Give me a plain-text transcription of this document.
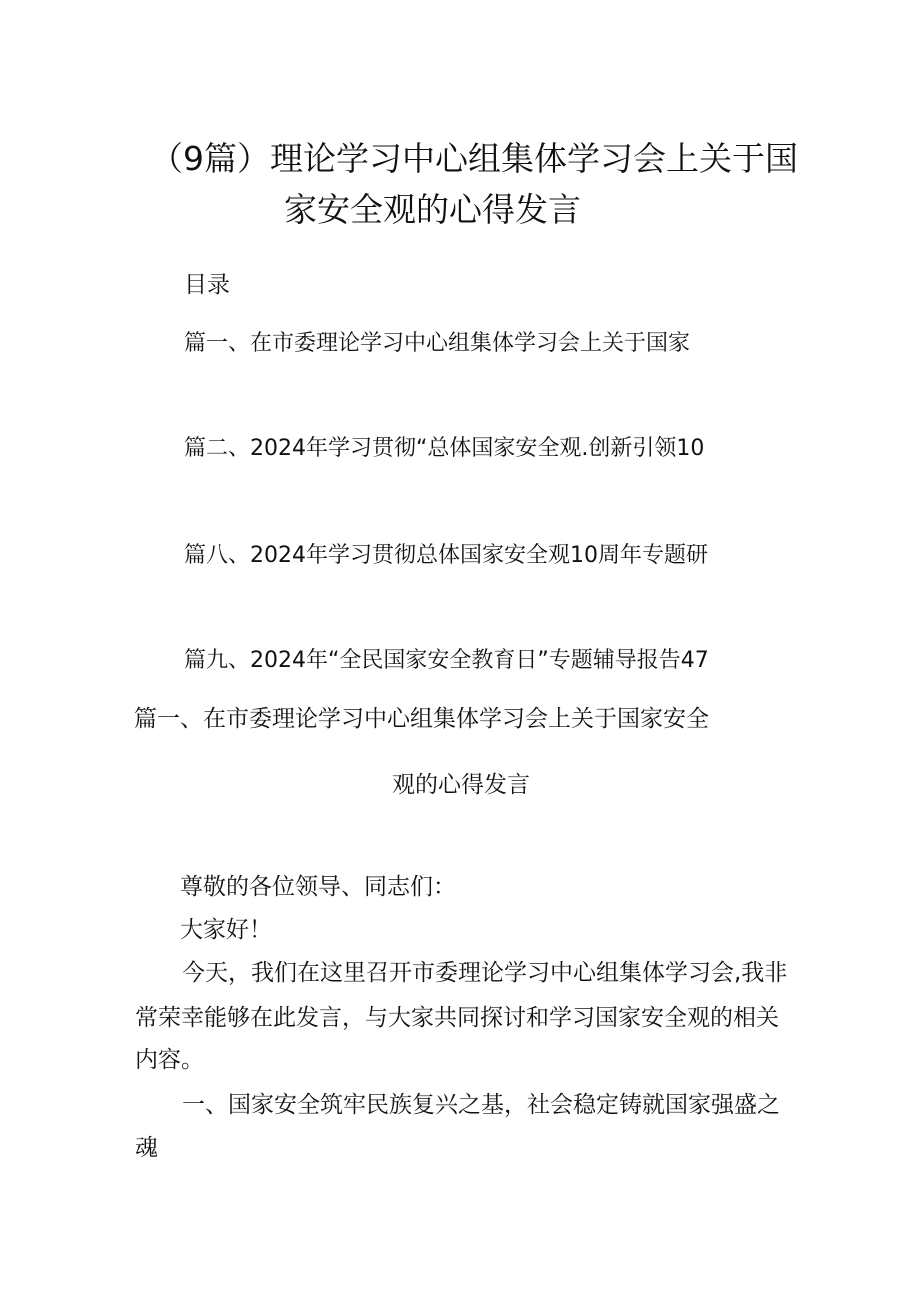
（9篇）理论学习中心组集体学习会上关于国
家安全观的心得发言
目录
篇一、在市委理论学习中心组集体学习会上关于国家
篇二、2024年学习贯彻“总体国家安全观.创新引领10
篇八、2024年学习贯彻总体国家安全观10周年专题研
篇九、2024年“全民国家安全教育日”专题辅导报告47
篇一、在市委理论学习中心组集体学习会上关于国家安全
观的心得发言
尊敬的各位领导、同志们：
大家好！
今天，我们在这里召开市委理论学习中心组集体学习会,我非
常荣幸能够在此发言，与大家共同探讨和学习国家安全观的相关
内容。
一、国家安全筑牢民族复兴之基，社会稳定铸就国家强盛之
魂
